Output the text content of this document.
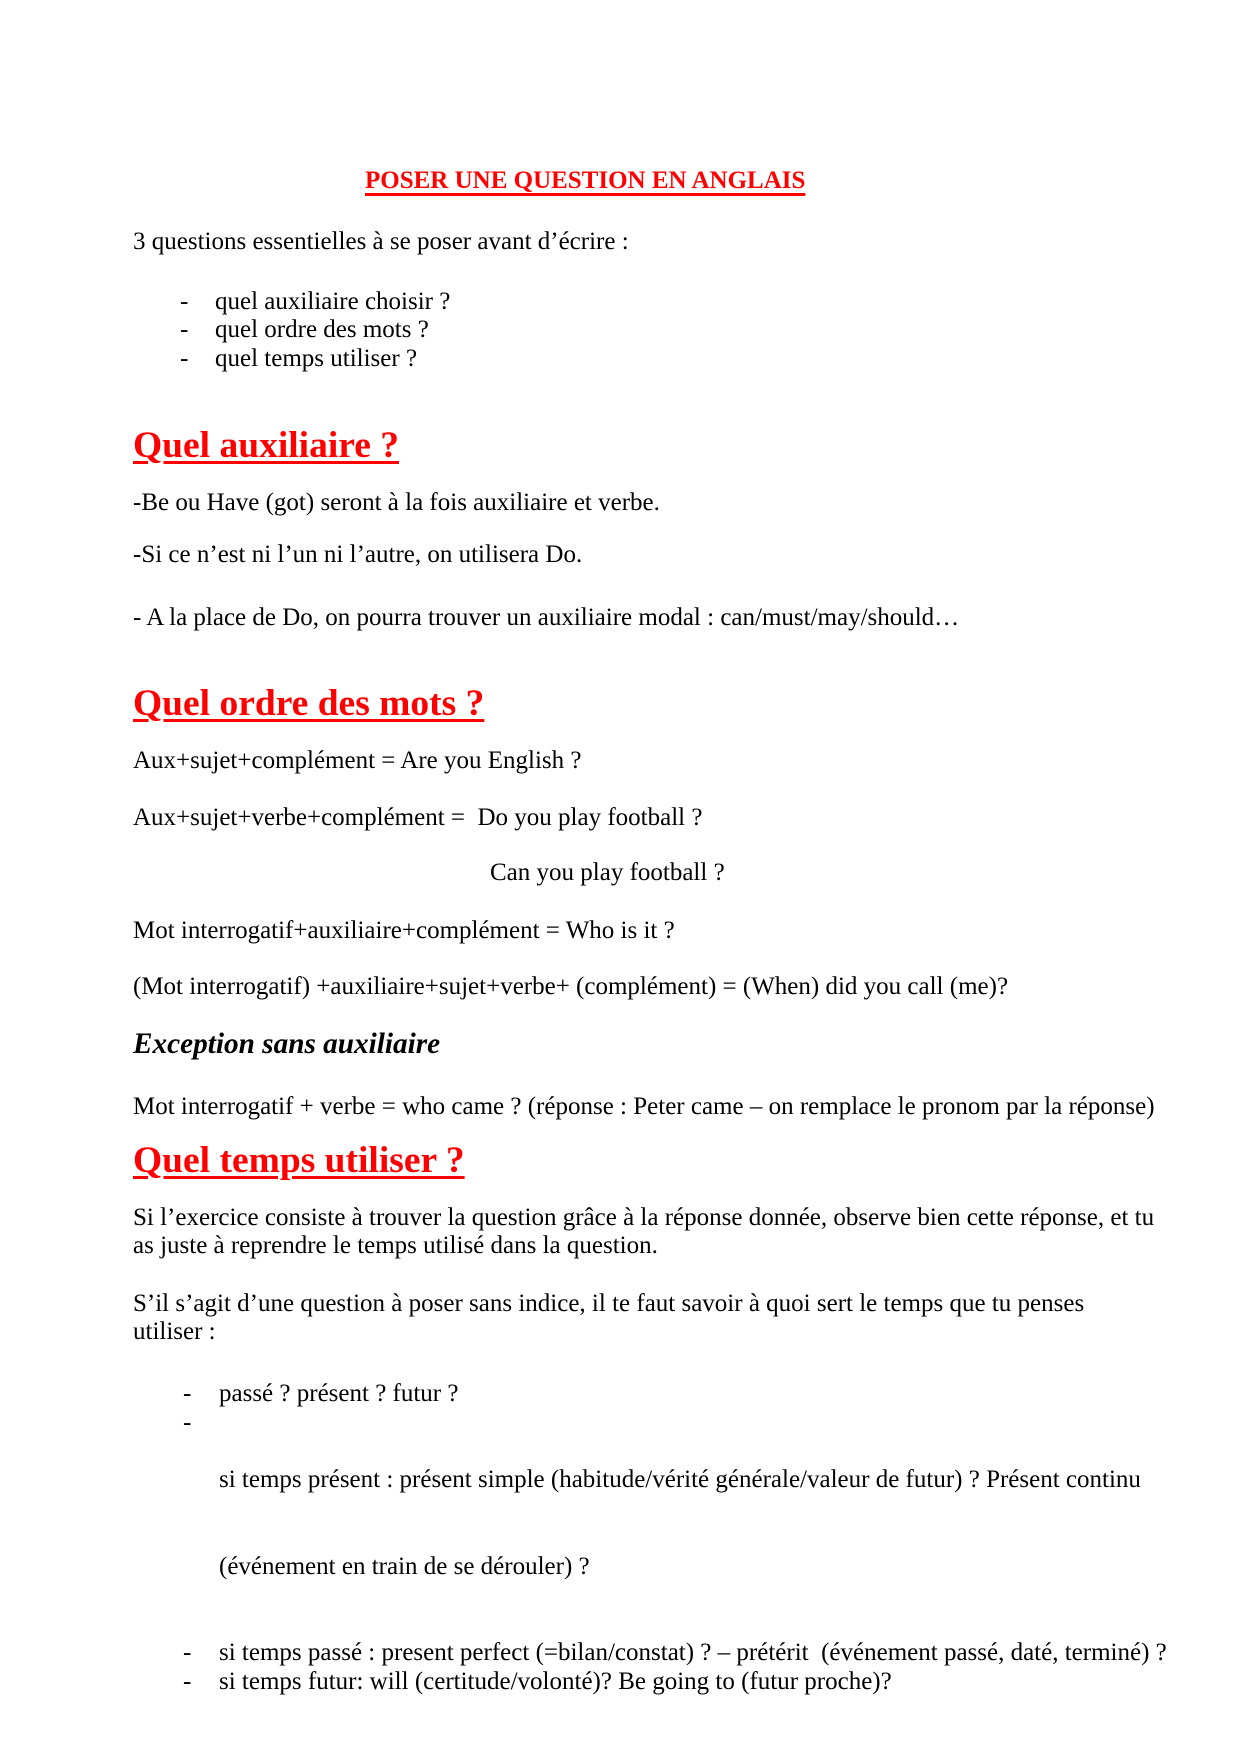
POSER UNE QUESTION EN ANGLAIS

3 questions essentielles à se poser avant d’écrire :

-	quel auxiliaire choisir ?
-	quel ordre des mots ?
-	quel temps utiliser ?
Quel auxiliaire ?

-Be ou Have (got) seront à la fois auxiliaire et verbe.

-Si ce n’est ni l’un ni l’autre, on utilisera Do.

- A la place de Do, on pourra trouver un auxiliaire modal : can/must/may/should…

Quel ordre des mots ?

Aux+sujet+complément = Are you English ?

Aux+sujet+verbe+complément =  Do you play football ?

Can you play football ?

Mot interrogatif+auxiliaire+complément = Who is it ?

(Mot interrogatif) +auxiliaire+sujet+verbe+ (complément) = (When) did you call (me)?

Exception sans auxiliaire

Mot interrogatif + verbe = who came ? (réponse : Peter came – on remplace le pronom par la réponse)

Quel temps utiliser ?
Si l’exercice consiste à trouver la question grâce à la réponse donnée, observe bien cette réponse, et tu
as juste à reprendre le temps utilisé dans la question.
S’il s’agit d’une question à poser sans indice, il te faut savoir à quoi sert le temps que tu penses
utiliser :
-	passé ? présent ? futur ?
-

si temps présent : présent simple (habitude/vérité générale/valeur de futur) ? Présent continu

(événement en train de se dérouler) ?

-	si temps passé : present perfect (=bilan/constat) ? – prétérit  (événement passé, daté, terminé) ?
-	si temps futur: will (certitude/volonté)? Be going to (futur proche)?
